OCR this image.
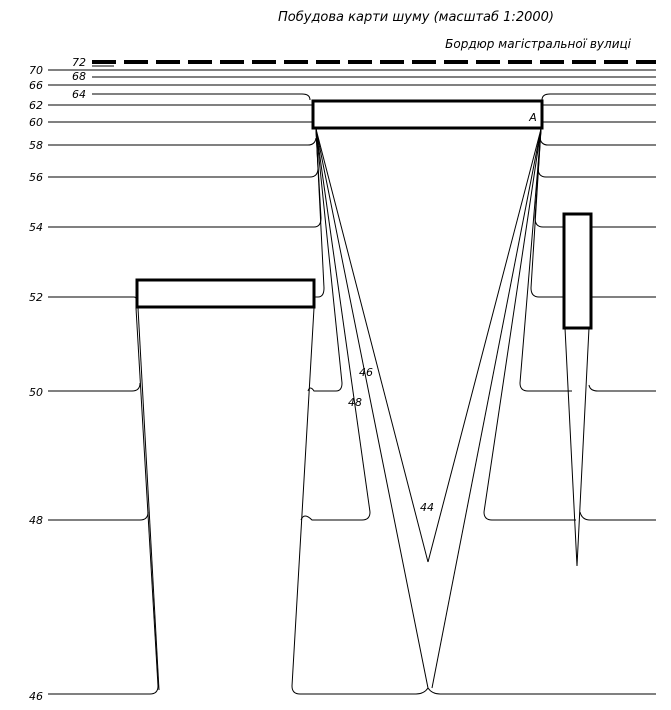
Побудова карти шуму (масштаб 1:2000)
Бордюр магістральної вулиці
72
70	68
66
64
62
60
58
56
54
52
50
48
46
A
46
48
44
